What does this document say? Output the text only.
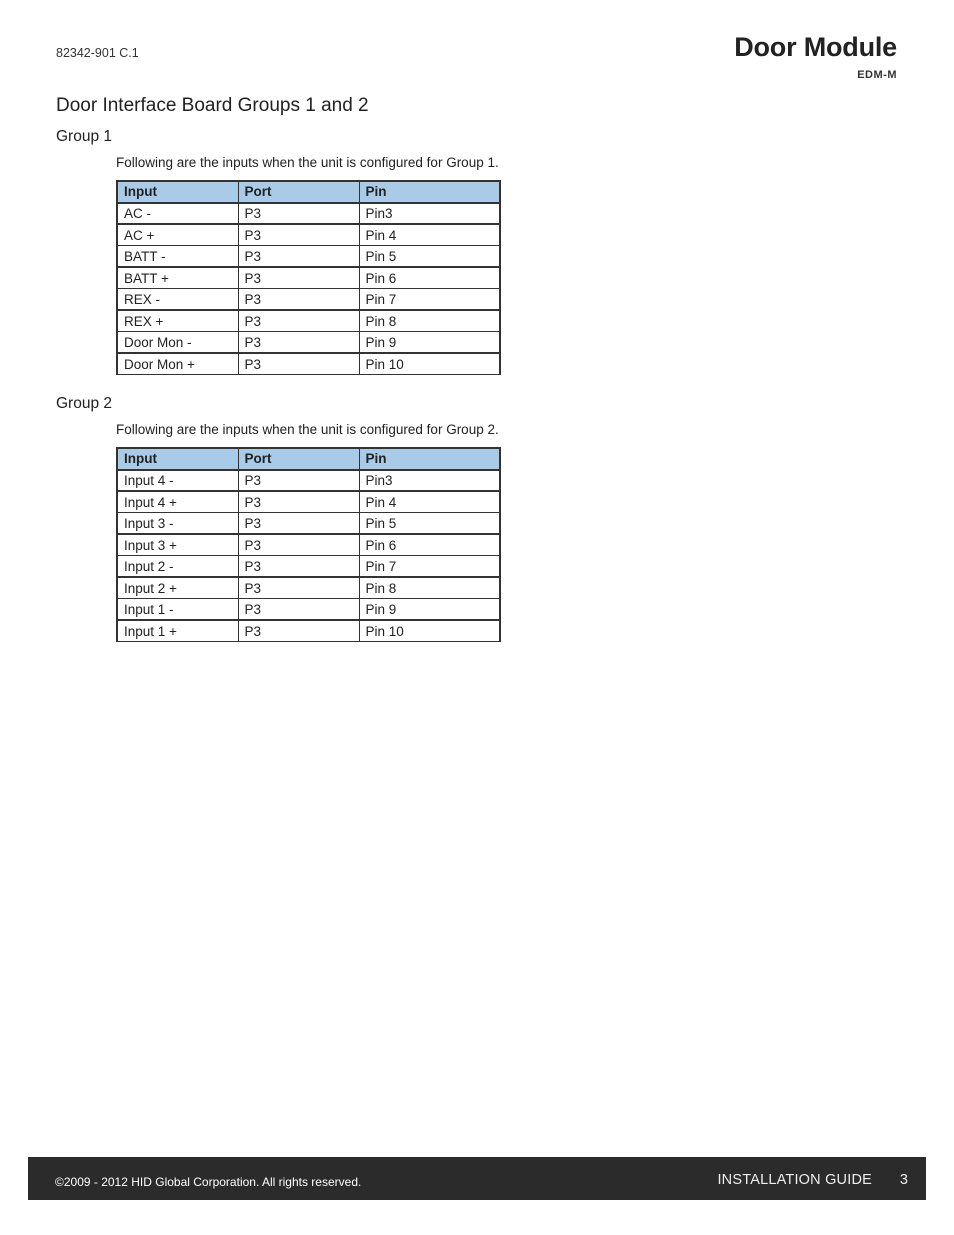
82342-901 C.1	Door Module
EDM-M
Door Interface Board Groups 1 and 2
Group 1
Following are the inputs when the unit is configured for Group 1.
Input	Port	Pin
AC -	P3	Pin3
AC +	P3	Pin 4
BATT -	P3	Pin 5
BATT +	P3	Pin 6
REX -	P3	Pin 7
REX +	P3	Pin 8
Door Mon -	P3	Pin 9
Door Mon +	P3	Pin 10
Group 2
Following are the inputs when the unit is configured for Group 2.
Input	Port	Pin
Input 4 -	P3	Pin3
Input 4 +	P3	Pin 4
Input 3 -	P3	Pin 5
Input 3 +	P3	Pin 6
Input 2 -	P3	Pin 7
Input 2 +	P3	Pin 8
Input 1 -	P3	Pin 9
Input 1 +	P3	Pin 10
©2009 - 2012 HID Global Corporation. All rights reserved.	INSTALLATION GUIDE 3
